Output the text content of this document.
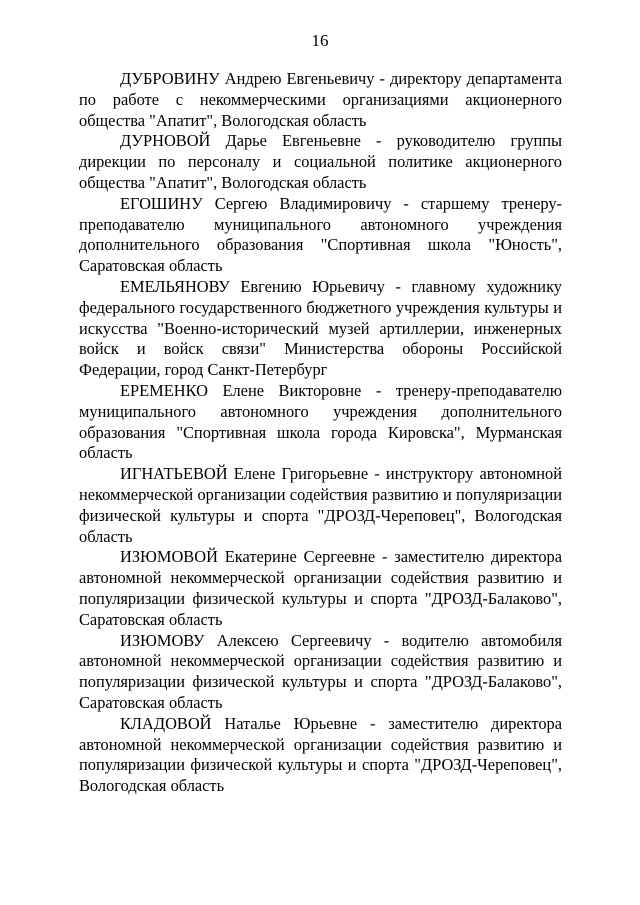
16

ДУБРОВИНУ Андрею Евгеньевичу - директору департамента по работе с некоммерческими организациями акционерного общества "Апатит", Вологодская область

ДУРНОВОЙ Дарье Евгеньевне - руководителю группы дирекции по персоналу и социальной политике акционерного общества "Апатит", Вологодская область

ЕГОШИНУ Сергею Владимировичу - старшему тренеру-преподавателю муниципального автономного учреждения дополнительного образования "Спортивная школа "Юность", Саратовская область

ЕМЕЛЬЯНОВУ Евгению Юрьевичу - главному художнику федерального государственного бюджетного учреждения культуры и искусства "Военно-исторический музей артиллерии, инженерных войск и войск связи" Министерства обороны Российской Федерации, город Санкт-Петербург

ЕРЕМЕНКО Елене Викторовне - тренеру-преподавателю муниципального автономного учреждения дополнительного образования "Спортивная школа города Кировска", Мурманская область

ИГНАТЬЕВОЙ Елене Григорьевне - инструктору автономной некоммерческой организации содействия развитию и популяризации физической культуры и спорта "ДРОЗД-Череповец", Вологодская область

ИЗЮМОВОЙ Екатерине Сергеевне - заместителю директора автономной некоммерческой организации содействия развитию и популяризации физической культуры и спорта "ДРОЗД-Балаково", Саратовская область

ИЗЮМОВУ Алексею Сергеевичу - водителю автомобиля автономной некоммерческой организации содействия развитию и популяризации физической культуры и спорта "ДРОЗД-Балаково", Саратовская область

КЛАДОВОЙ Наталье Юрьевне - заместителю директора автономной некоммерческой организации содействия развитию и популяризации физической культуры и спорта "ДРОЗД-Череповец", Вологодская область
